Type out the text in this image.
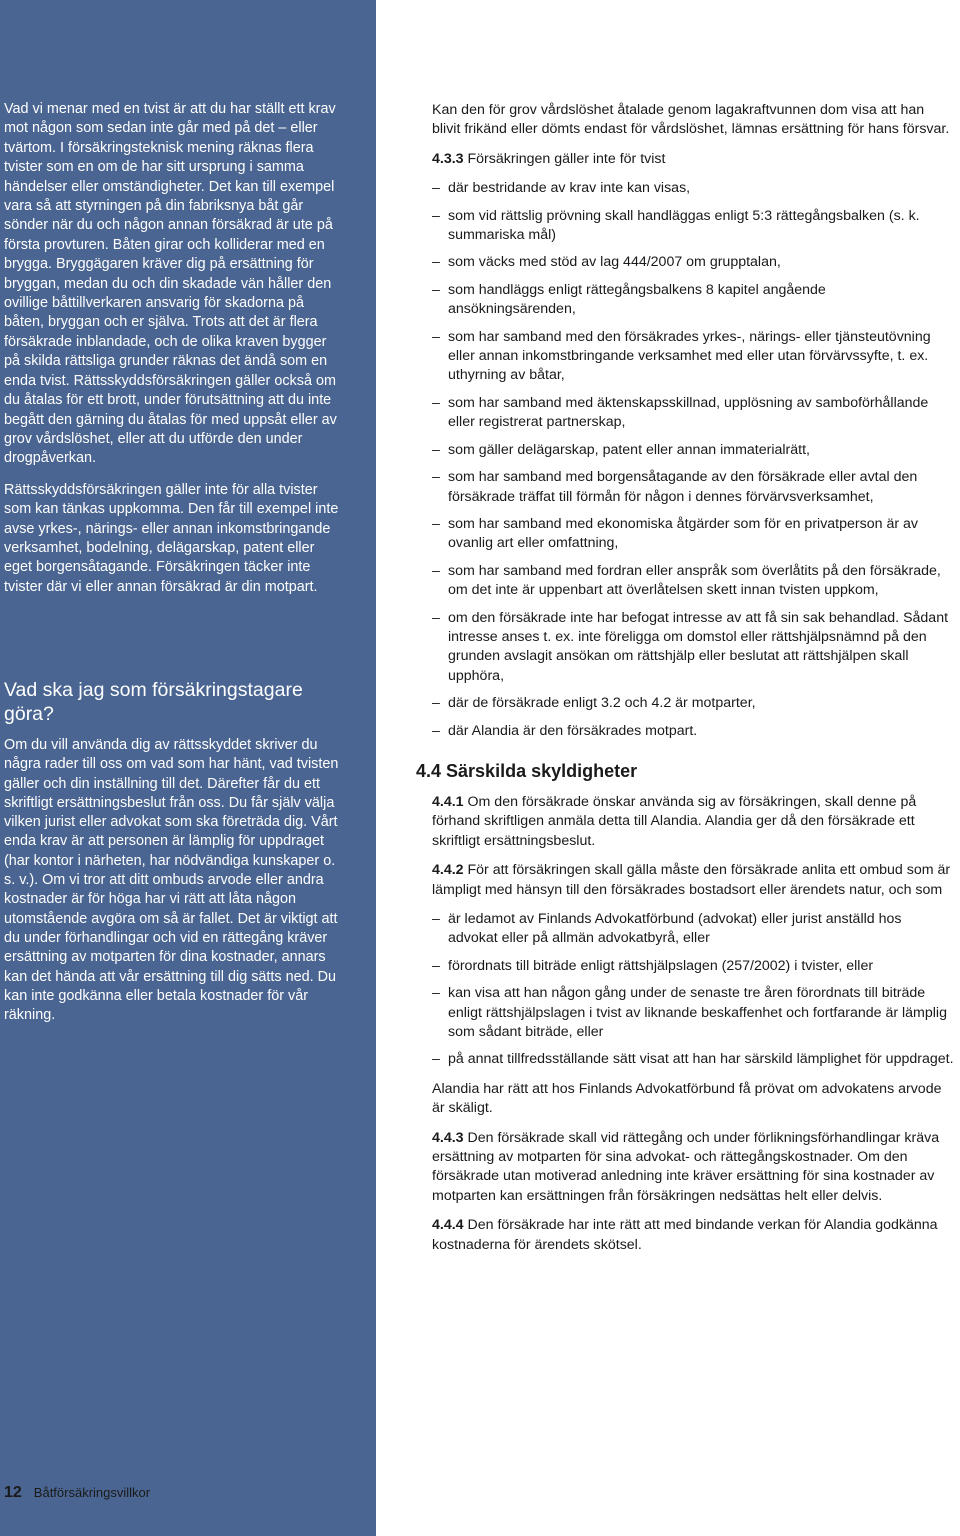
Vad vi menar med en tvist är att du har ställt ett krav mot någon som sedan inte går med på det – eller tvärtom. I försäkringsteknisk mening räknas flera tvister som en om de har sitt ursprung i samma händelser eller omständigheter. Det kan till exempel vara så att styrningen på din fabriksnya båt går sönder när du och någon annan försäkrad är ute på första provturen. Båten girar och kolliderar med en brygga. Bryggägaren kräver dig på ersättning för bryggan, medan du och din skadade vän håller den ovillige båttillverkaren ansvarig för skadorna på båten, bryggan och er själva. Trots att det är flera försäkrade inblandade, och de olika kraven bygger på skilda rättsliga grunder räknas det ändå som en enda tvist. Rättsskyddsförsäkringen gäller också om du åtalas för ett brott, under förutsättning att du inte begått den gärning du åtalas för med uppsåt eller av grov vårdslöshet, eller att du utförde den under drogpåverkan.

Rättsskyddsförsäkringen gäller inte för alla tvister som kan tänkas uppkomma. Den får till exempel inte avse yrkes-, närings- eller annan inkomstbringande verksamhet, bodelning, delägarskap, patent eller eget borgensåtagande. Försäkringen täcker inte tvister där vi eller annan försäkrad är din motpart.

Vad ska jag som försäkringstagare göra?

Om du vill använda dig av rättsskyddet skriver du några rader till oss om vad som har hänt, vad tvisten gäller och din inställning till det. Därefter får du ett skriftligt ersättningsbeslut från oss. Du får själv välja vilken jurist eller advokat som ska företräda dig. Vårt enda krav är att personen är lämplig för uppdraget (har kontor i närheten, har nödvändiga kunskaper o. s. v.). Om vi tror att ditt ombuds arvode eller andra kostnader är för höga har vi rätt att låta någon utomstående avgöra om så är fallet. Det är viktigt att du under förhandlingar och vid en rättegång kräver ersättning av motparten för dina kostnader, annars kan det hända att vår ersättning till dig sätts ned. Du kan inte godkänna eller betala kostnader för vår räkning.

12 Båtförsäkringsvillkor

Kan den för grov vårdslöshet åtalade genom lagakraftvunnen dom visa att han blivit frikänd eller dömts endast för vårdslöshet, lämnas ersättning för hans försvar.

4.3.3 Försäkringen gäller inte för tvist

– där bestridande av krav inte kan visas,
– som vid rättslig prövning skall handläggas enligt 5:3 rättegångsbalken (s. k. summariska mål)
– som väcks med stöd av lag 444/2007 om grupptalan,
– som handläggs enligt rättegångsbalkens 8 kapitel angående ansökningsärenden,
– som har samband med den försäkrades yrkes-, närings- eller tjänsteutövning eller annan inkomstbringande verksamhet med eller utan förvärvssyfte, t. ex. uthyrning av båtar,
– som har samband med äktenskapsskillnad, upplösning av samboförhållande eller registrerat partnerskap,
– som gäller delägarskap, patent eller annan immaterialrätt,
– som har samband med borgensåtagande av den försäkrade eller avtal den försäkrade träffat till förmån för någon i dennes förvärvsverksamhet,
– som har samband med ekonomiska åtgärder som för en privatperson är av ovanlig art eller omfattning,
– som har samband med fordran eller anspråk som överlåtits på den försäkrade, om det inte är uppenbart att överlåtelsen skett innan tvisten uppkom,
– om den försäkrade inte har befogat intresse av att få sin sak behandlad. Sådant intresse anses t. ex. inte föreligga om domstol eller rättshjälpsnämnd på den grunden avslagit ansökan om rättshjälp eller beslutat att rättshjälpen skall upphöra,
– där de försäkrade enligt 3.2 och 4.2 är motparter,
– där Alandia är den försäkrades motpart.
4.4 Särskilda skyldigheter

4.4.1 Om den försäkrade önskar använda sig av försäkringen, skall denne på förhand skriftligen anmäla detta till Alandia. Alandia ger då den försäkrade ett skriftligt ersättningsbeslut.

4.4.2 För att försäkringen skall gälla måste den försäkrade anlita ett ombud som är lämpligt med hänsyn till den försäkrades bostadsort eller ärendets natur, och som

– är ledamot av Finlands Advokatförbund (advokat) eller jurist anställd hos advokat eller på allmän advokatbyrå, eller
– förordnats till biträde enligt rättshjälpslagen (257/2002) i tvister, eller
– kan visa att han någon gång under de senaste tre åren förordnats till biträde enligt rättshjälpslagen i tvist av liknande beskaffenhet och fortfarande är lämplig som sådant biträde, eller
– på annat tillfredsställande sätt visat att han har särskild lämplighet för uppdraget.

Alandia har rätt att hos Finlands Advokatförbund få prövat om advokatens arvode är skäligt.

4.4.3 Den försäkrade skall vid rättegång och under förlikningsförhandlingar kräva ersättning av motparten för sina advokat- och rättegångskostnader. Om den försäkrade utan motiverad anledning inte kräver ersättning för sina kostnader av motparten kan ersättningen från försäkringen nedsättas helt eller delvis.

4.4.4 Den försäkrade har inte rätt att med bindande verkan för Alandia godkänna kostnaderna för ärendets skötsel.
